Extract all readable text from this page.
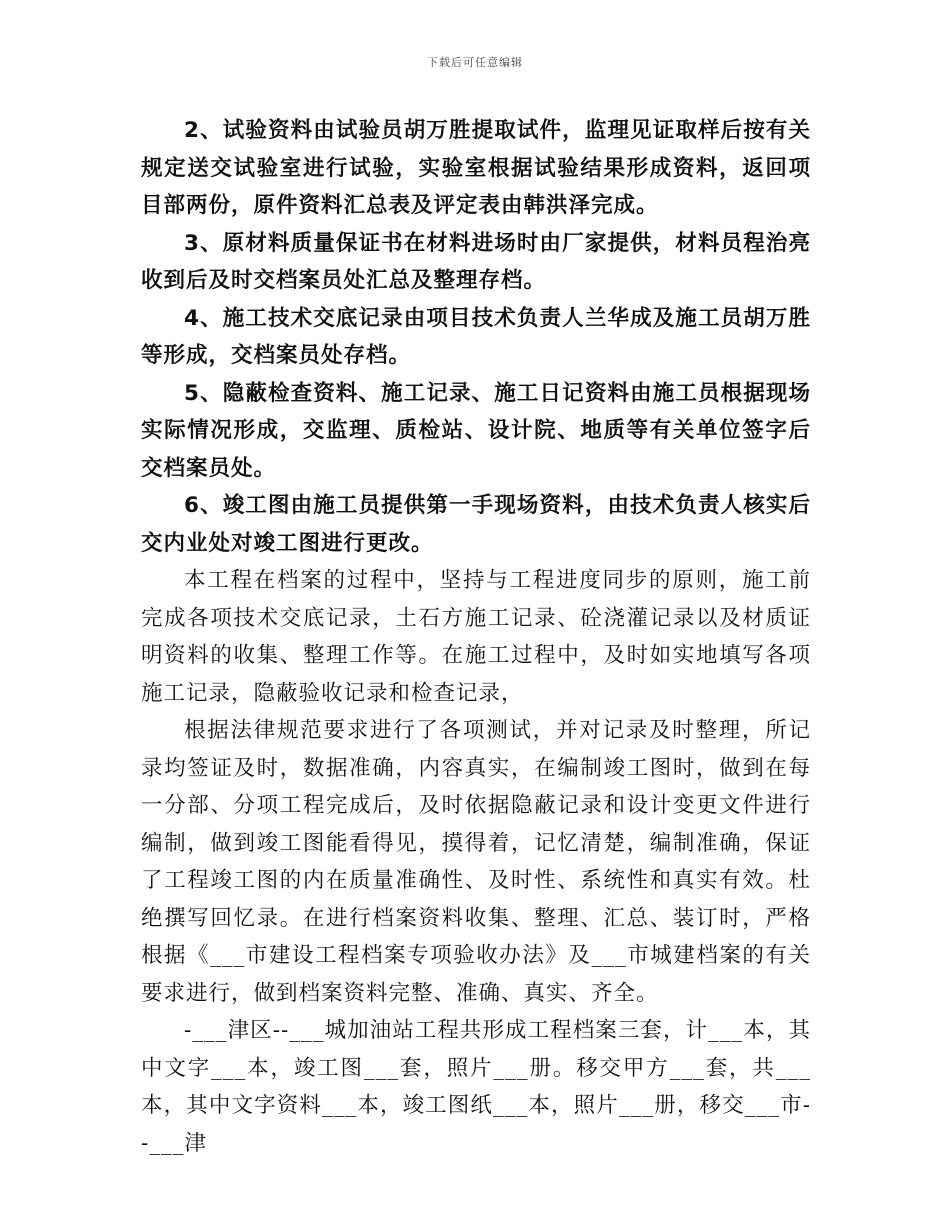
下载后可任意编辑

2、试验资料由试验员胡万胜提取试件，监理见证取样后按有关规定送交试验室进行试验，实验室根据试验结果形成资料，返回项目部两份，原件资料汇总表及评定表由韩洪泽完成。

3、原材料质量保证书在材料进场时由厂家提供，材料员程治亮收到后及时交档案员处汇总及整理存档。

4、施工技术交底记录由项目技术负责人兰华成及施工员胡万胜等形成，交档案员处存档。

5、隐蔽检查资料、施工记录、施工日记资料由施工员根据现场实际情况形成，交监理、质检站、设计院、地质等有关单位签字后交档案员处。

6、竣工图由施工员提供第一手现场资料，由技术负责人核实后交内业处对竣工图进行更改。

本工程在档案的过程中，坚持与工程进度同步的原则，施工前完成各项技术交底记录，土石方施工记录、砼浇灌记录以及材质证明资料的收集、整理工作等。在施工过程中，及时如实地填写各项施工记录，隐蔽验收记录和检查记录，

根据法律规范要求进行了各项测试，并对记录及时整理，所记录均签证及时，数据准确，内容真实，在编制竣工图时，做到在每一分部、分项工程完成后，及时依据隐蔽记录和设计变更文件进行编制，做到竣工图能看得见，摸得着，记忆清楚，编制准确，保证了工程竣工图的内在质量准确性、及时性、系统性和真实有效。杜绝撰写回忆录。在进行档案资料收集、整理、汇总、装订时，严格根据《___市建设工程档案专项验收办法》及___市城建档案的有关要求进行，做到档案资料完整、准确、真实、齐全。

-___津区--___城加油站工程共形成工程档案三套，计___本，其中文字___本，竣工图___套，照片___册。移交甲方___套，共___本，其中文字资料___本，竣工图纸___本，照片___册，移交___市--___津
